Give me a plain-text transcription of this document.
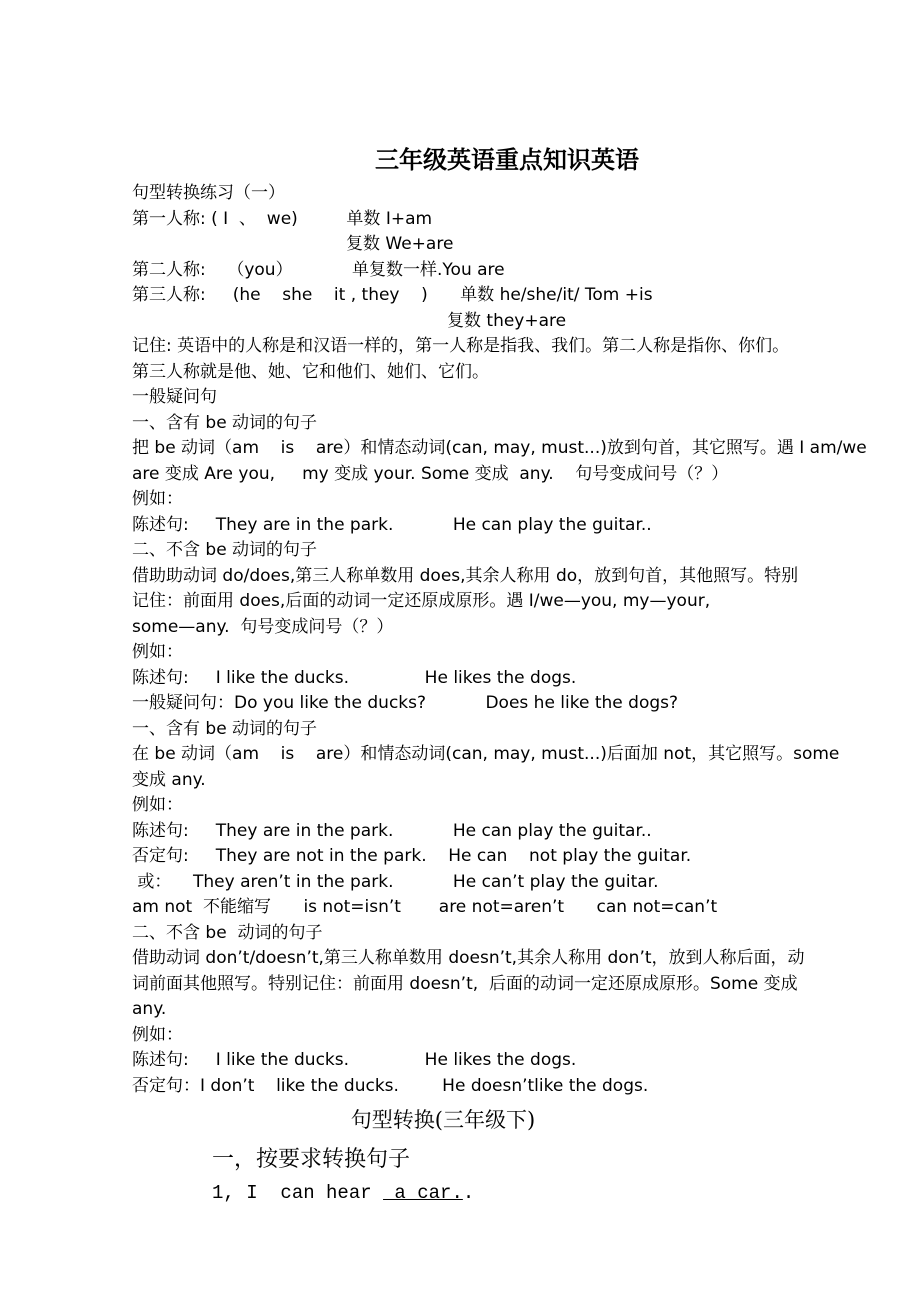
三年级英语重点知识英语
句型转换练习（一）
第一人称: ( I  、  we)         单数 I+am
复数 We+are
第二人称:    （you）           单复数一样.You are
第三人称:     (he    she    it , they    )      单数 he/she/it/ Tom +is
复数 they+are
记住: 英语中的人称是和汉语一样的，第一人称是指我、我们。第二人称是指你、你们。
第三人称就是他、她、它和他们、她们、它们。
一般疑问句
一、含有 be 动词的句子
把 be 动词（am    is    are）和情态动词(can, may, must...)放到句首，其它照写。遇 I am/we
are 变成 Are you,     my 变成 your. Some 变成  any.    句号变成问号（？）
例如：
陈述句:     They are in the park.           He can play the guitar..
二、不含 be 动词的句子
借助助动词 do/does,第三人称单数用 does,其余人称用 do，放到句首，其他照写。特别
记住：前面用 does,后面的动词一定还原成原形。遇 I/we—you, my—your,
some—any.  句号变成问号（？）
例如：
陈述句:     I like the ducks.              He likes the dogs.
一般疑问句：Do you like the ducks?           Does he like the dogs?
一、含有 be 动词的句子
在 be 动词（am    is    are）和情态动词(can, may, must...)后面加 not，其它照写。some
变成 any.
例如：
陈述句:     They are in the park.           He can play the guitar..
否定句:     They are not in the park.    He can    not play the guitar.
或：    They aren’t in the park.           He can’t play the guitar.
am not  不能缩写      is not=isn’t       are not=aren’t      can not=can’t
二、不含 be  动词的句子
借助动词 don’t/doesn’t,第三人称单数用 doesn’t,其余人称用 don’t，放到人称后面，动
词前面其他照写。特别记住：前面用 doesn’t,  后面的动词一定还原成原形。Some 变成
any.
例如：
陈述句:     I like the ducks.              He likes the dogs.
否定句：I don’t    like the ducks.        He doesn’tlike the dogs.
句型转换(三年级下)
一，按要求转换句子
1, I  can hear  a car..
